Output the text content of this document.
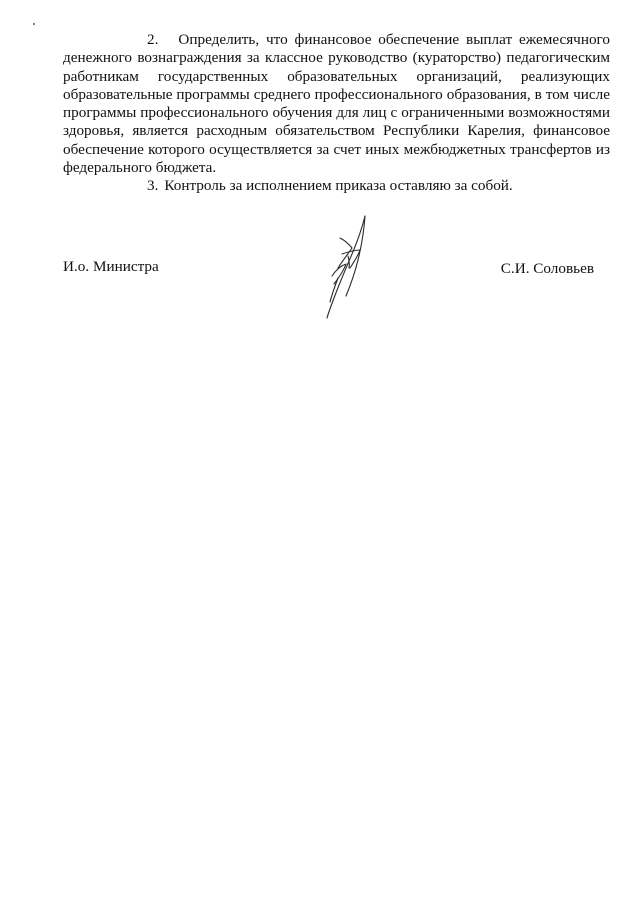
2. Определить, что финансовое обеспечение выплат ежемесячного денежного вознаграждения за классное руководство (кураторство) педагогическим работникам государственных образовательных организаций, реализующих образовательные программы среднего профессионального образования, в том числе программы профессионального обучения для лиц с ограниченными возможностями здоровья, является расходным обязательством Республики Карелия, финансовое обеспечение которого осуществляется за счет иных межбюджетных трансфертов из федерального бюджета.

3. Контроль за исполнением приказа оставляю за собой.

И.о. Министра	С.И. Соловьев
